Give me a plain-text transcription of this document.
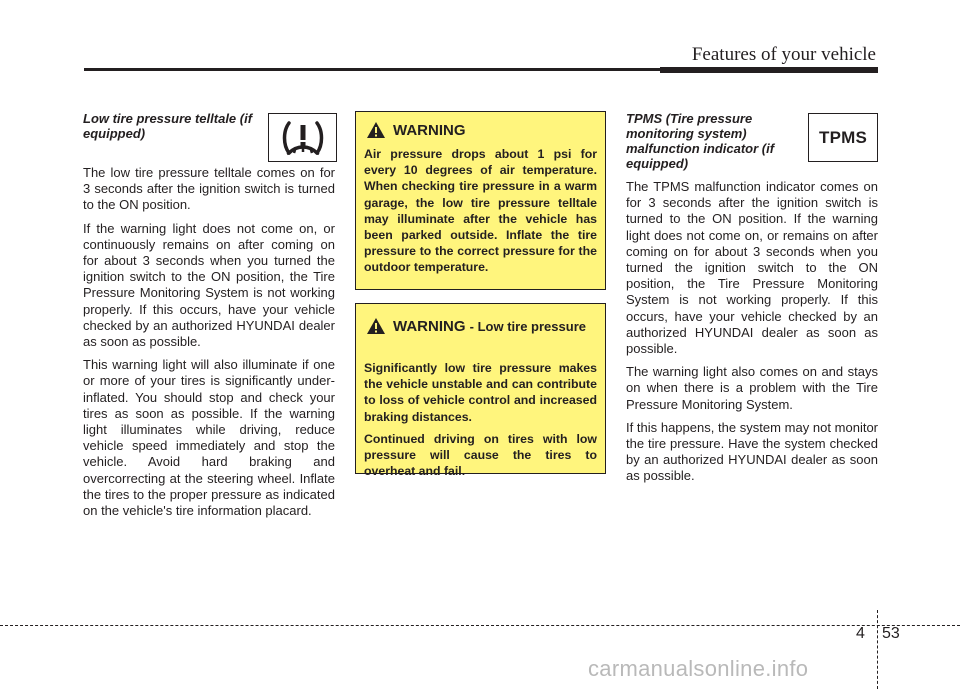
Features of your vehicle
Low tire pressure telltale (if equipped)

The low tire pressure telltale comes on for 3 seconds after the ignition switch is turned to the ON position.

If the warning light does not come on, or continuously remains on after coming on for about 3 seconds when you turned the ignition switch to the ON position, the Tire Pressure Monitoring System is not working properly. If this occurs, have your vehicle checked by an authorized HYUNDAI dealer as soon as possible.

This warning light will also illuminate if one or more of your tires is significantly under-inflated. You should stop and check your tires as soon as possible. If the warning light illuminates while driving, reduce vehicle speed immediately and stop the vehicle. Avoid hard braking and overcorrecting at the steering wheel. Inflate the tires to the proper pressure as indicated on the vehicle's tire information placard.

WARNING

Air pressure drops about 1 psi for every 10 degrees of air temperature. When checking tire pressure in a warm garage, the low tire pressure telltale may illuminate after the vehicle has been parked outside. Inflate the tire pressure to the correct pressure for the outdoor temperature.

WARNING - Low tire pressure

Significantly low tire pressure makes the vehicle unstable and can contribute to loss of vehicle control and increased braking distances.

Continued driving on tires with low pressure will cause the tires to overheat and fail.

TPMS (Tire pressure monitoring system) malfunction indicator (if equipped)

The TPMS malfunction indicator comes on for 3 seconds after the ignition switch is turned to the ON position. If the warning light does not come on, or remains on after coming on for about 3 seconds when you turned the ignition switch to the ON position, the Tire Pressure Monitoring System is not working properly. If this occurs, have your vehicle checked by an authorized HYUNDAI dealer as soon as possible.

The warning light also comes on and stays on when there is a problem with the Tire Pressure Monitoring System.

If this happens, the system may not monitor the tire pressure. Have the system checked by an authorized HYUNDAI dealer as soon as possible.

TPMS
4 53
carmanualsonline.info
